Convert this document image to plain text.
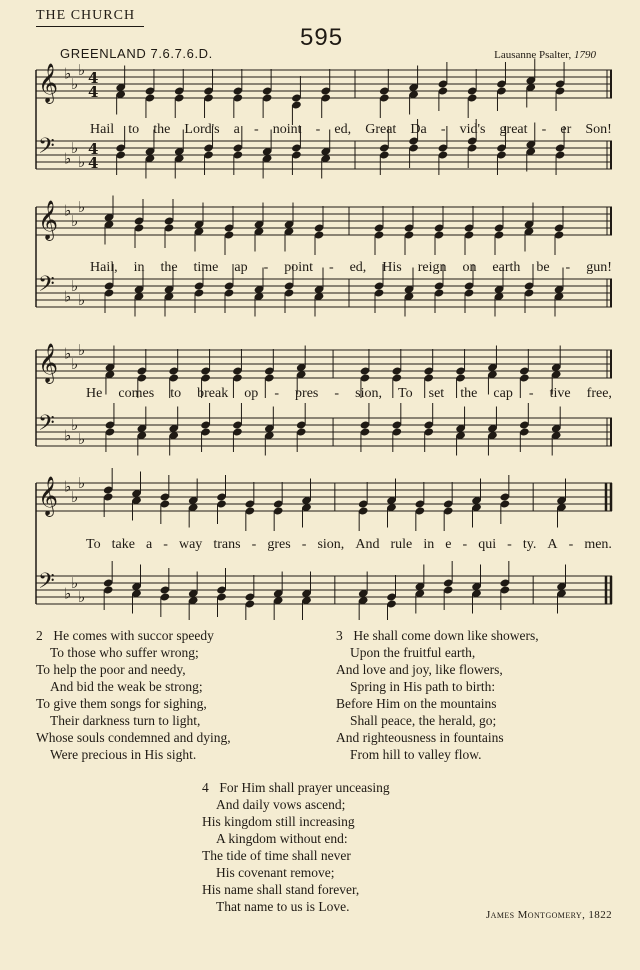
THE CHURCH
595
GREENLAND 7.6.7.6.D.	Lausanne Psalter, 1790
𝄞 ♭
♭
♭
𝄢 ♭
♭
♭
4
4
4
4
𝄞 ♭
♭
♭
𝄢 ♭
♭
♭
𝄞 ♭
♭
♭
𝄢 ♭
♭
♭
𝄞 ♭
♭
♭
𝄢 ♭
♭
♭
Hail to the Lord's a - noint - ed, Great Da - vid's great - er Son!
Hail, in the time ap - point - ed, His reign on earth be - gun!
He comes to break op - pres - sion, To set the cap - tive free,
To take a - way trans - gres - sion, And rule in e - qui - ty. A - men.
2 He comes with succor speedy
To those who suffer wrong;
To help the poor and needy,
And bid the weak be strong;
To give them songs for sighing,
Their darkness turn to light,
Whose souls condemned and dying,
Were precious in His sight.
3 He shall come down like showers,
Upon the fruitful earth,
And love and joy, like flowers,
Spring in His path to birth:
Before Him on the mountains
Shall peace, the herald, go;
And righteousness in fountains
From hill to valley flow.
4 For Him shall prayer unceasing
And daily vows ascend;
His kingdom still increasing
A kingdom without end:
The tide of time shall never
His covenant remove;
His name shall stand forever,
That name to us is Love.
James Montgomery, 1822
